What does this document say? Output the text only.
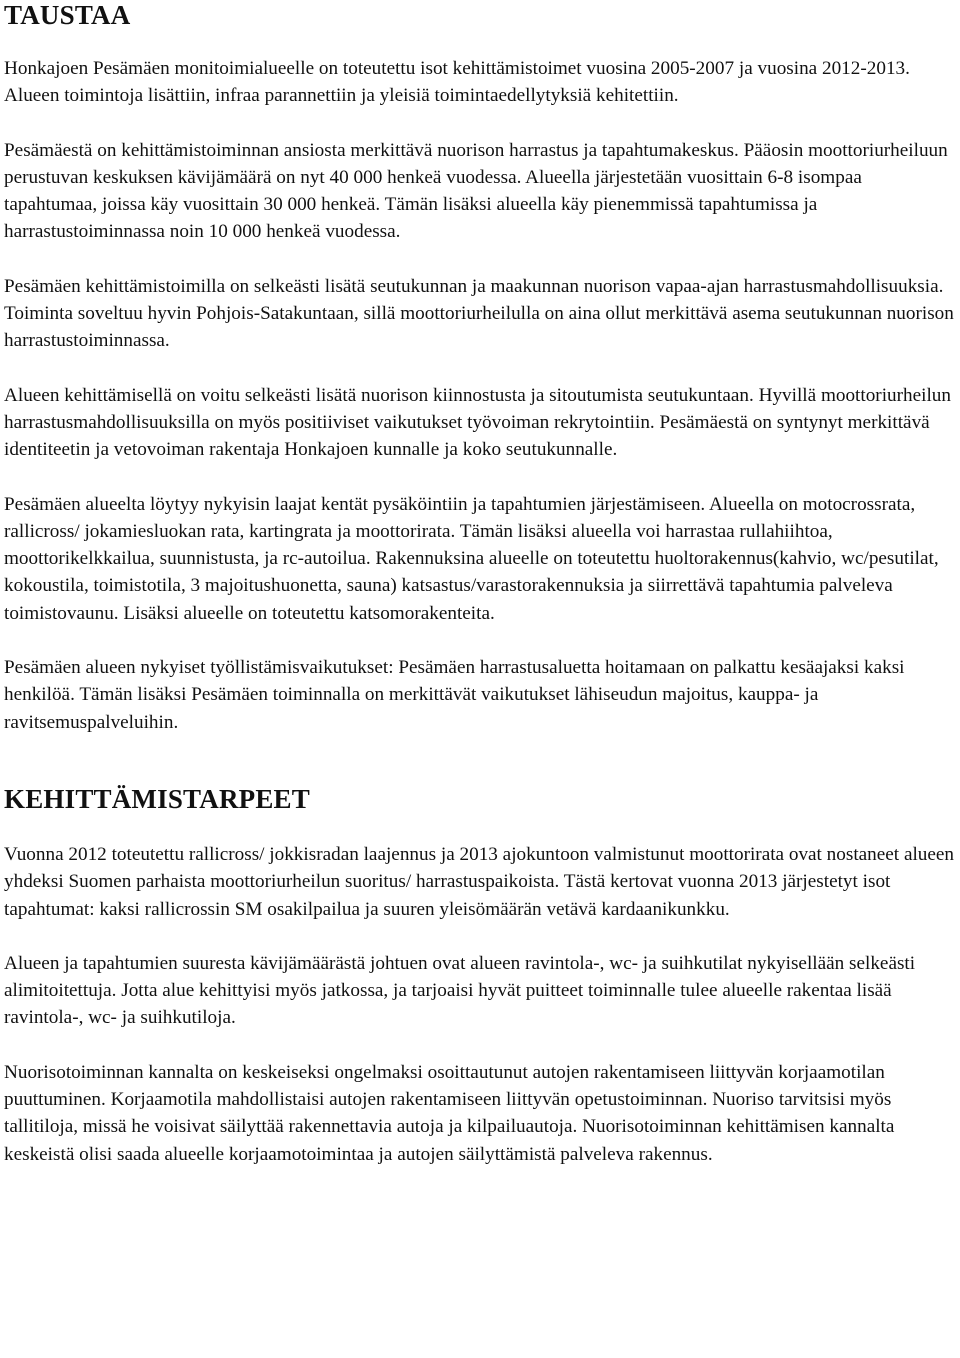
TAUSTAA

Honkajoen Pesämäen monitoimialueelle on toteutettu isot kehittämistoimet vuosina 2005-2007 ja vuosina 2012-2013. Alueen toimintoja lisättiin, infraa parannettiin ja yleisiä toimintaedellytyksiä kehitettiin.

Pesämäestä on kehittämistoiminnan ansiosta merkittävä nuorison harrastus ja tapahtumakeskus. Pääosin moottoriurheiluun perustuvan keskuksen kävijämäärä on nyt 40 000 henkeä vuodessa. Alueella järjestetään vuosittain 6-8 isompaa tapahtumaa, joissa käy vuosittain 30 000 henkeä. Tämän lisäksi alueella käy pienemmissä tapahtumissa ja harrastustoiminnassa noin 10 000 henkeä vuodessa.

Pesämäen kehittämistoimilla on selkeästi lisätä seutukunnan ja maakunnan nuorison vapaa-ajan harrastusmahdollisuuksia. Toiminta soveltuu hyvin Pohjois-Satakuntaan, sillä moottoriurheilulla on aina ollut merkittävä asema seutukunnan nuorison harrastustoiminnassa.

Alueen kehittämisellä on voitu selkeästi lisätä nuorison kiinnostusta ja sitoutumista seutukuntaan. Hyvillä moottoriurheilun harrastusmahdollisuuksilla on myös positiiviset vaikutukset työvoiman rekrytointiin. Pesämäestä on syntynyt merkittävä identiteetin ja vetovoiman rakentaja Honkajoen kunnalle ja koko seutukunnalle.

Pesämäen alueelta löytyy nykyisin laajat kentät pysäköintiin ja tapahtumien järjestämiseen. Alueella on motocrossrata, rallicross/ jokamiesluokan rata, kartingrata ja moottorirata. Tämän lisäksi alueella voi harrastaa rullahiihtoa, moottorikelkkailua, suunnistusta, ja rc-autoilua. Rakennuksina alueelle on toteutettu huoltorakennus(kahvio, wc/pesutilat, kokoustila, toimistotila, 3 majoitushuonetta, sauna) katsastus/varastorakennuksia ja siirrettävä tapahtumia palveleva toimistovaunu. Lisäksi alueelle on toteutettu katsomorakenteita.

Pesämäen alueen nykyiset työllistämisvaikutukset: Pesämäen harrastusaluetta hoitamaan on palkattu kesäajaksi kaksi henkilöä. Tämän lisäksi Pesämäen toiminnalla on merkittävät vaikutukset lähiseudun majoitus, kauppa- ja ravitsemuspalveluihin.

KEHITTÄMISTARPEET

Vuonna 2012 toteutettu rallicross/ jokkisradan laajennus ja 2013 ajokuntoon valmistunut moottorirata ovat nostaneet alueen yhdeksi Suomen parhaista moottoriurheilun suoritus/ harrastuspaikoista. Tästä kertovat vuonna 2013 järjestetyt isot tapahtumat: kaksi rallicrossin SM osakilpailua ja suuren yleisömäärän vetävä kardaanikunkku.

Alueen ja tapahtumien suuresta kävijämäärästä johtuen ovat alueen ravintola-, wc- ja suihkutilat nykyisellään selkeästi alimitoitettuja. Jotta alue kehittyisi myös jatkossa, ja tarjoaisi hyvät puitteet toiminnalle tulee alueelle rakentaa lisää ravintola-, wc- ja suihkutiloja.

Nuorisotoiminnan kannalta on keskeiseksi ongelmaksi osoittautunut autojen rakentamiseen liittyvän korjaamotilan puuttuminen. Korjaamotila mahdollistaisi autojen rakentamiseen liittyvän opetustoiminnan. Nuoriso tarvitsisi myös tallitiloja, missä he voisivat säilyttää rakennettavia autoja ja kilpailuautoja. Nuorisotoiminnan kehittämisen kannalta keskeistä olisi saada alueelle korjaamotoimintaa ja autojen säilyttämistä palveleva rakennus.
